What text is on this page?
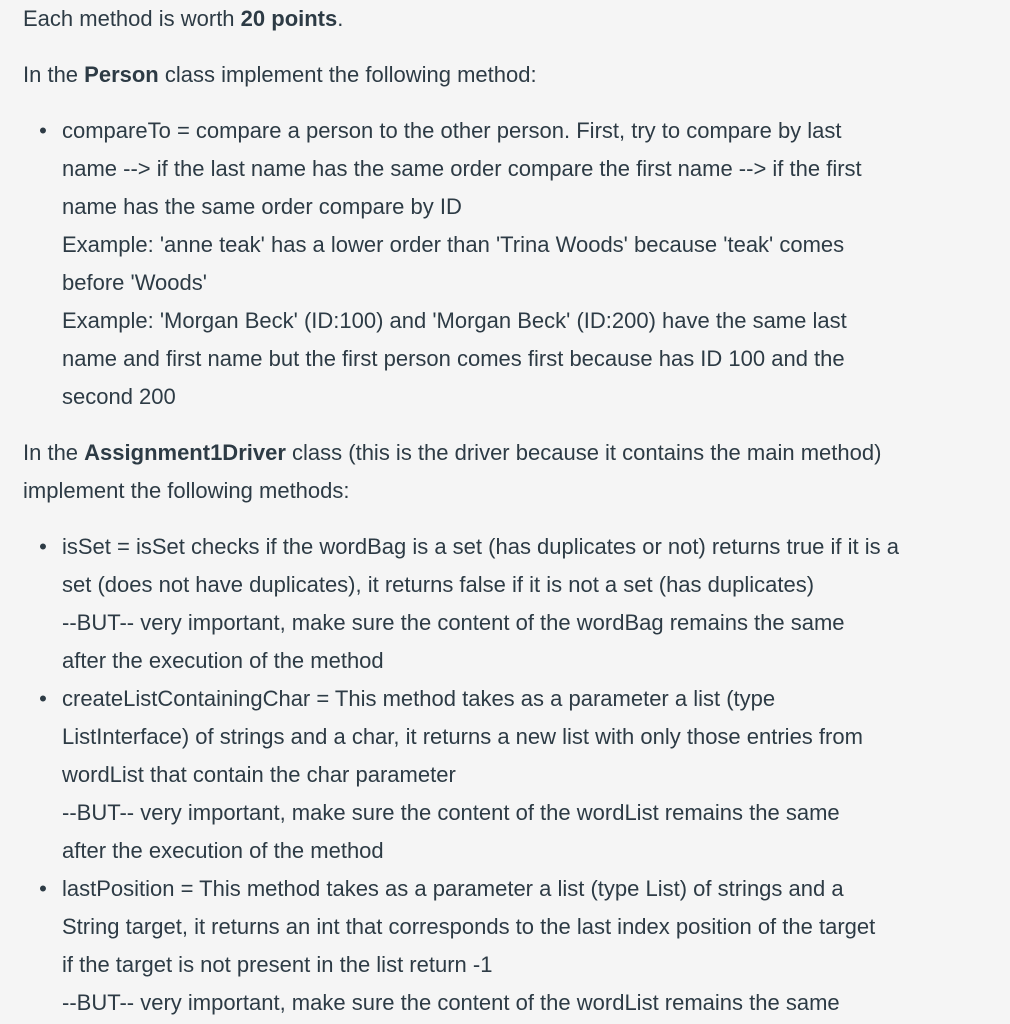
Each method is worth 20 points.

In the Person class implement the following method:

• compareTo = compare a person to the other person. First, try to compare by last
name --> if the last name has the same order compare the first name --> if the first
name has the same order compare by ID
Example: 'anne teak' has a lower order than 'Trina Woods' because 'teak' comes
before 'Woods'
Example: 'Morgan Beck' (ID:100) and 'Morgan Beck' (ID:200) have the same last
name and first name but the first person comes first because has ID 100 and the
second 200

In the Assignment1Driver class (this is the driver because it contains the main method)
implement the following methods:

• isSet = isSet checks if the wordBag is a set (has duplicates or not) returns true if it is a
set (does not have duplicates), it returns false if it is not a set (has duplicates)
--BUT-- very important, make sure the content of the wordBag remains the same
after the execution of the method
• createListContainingChar = This method takes as a parameter a list (type
ListInterface) of strings and a char, it returns a new list with only those entries from
wordList that contain the char parameter
--BUT-- very important, make sure the content of the wordList remains the same
after the execution of the method
• lastPosition = This method takes as a parameter a list (type List) of strings and a
String target, it returns an int that corresponds to the last index position of the target
if the target is not present in the list return -1
--BUT-- very important, make sure the content of the wordList remains the same
